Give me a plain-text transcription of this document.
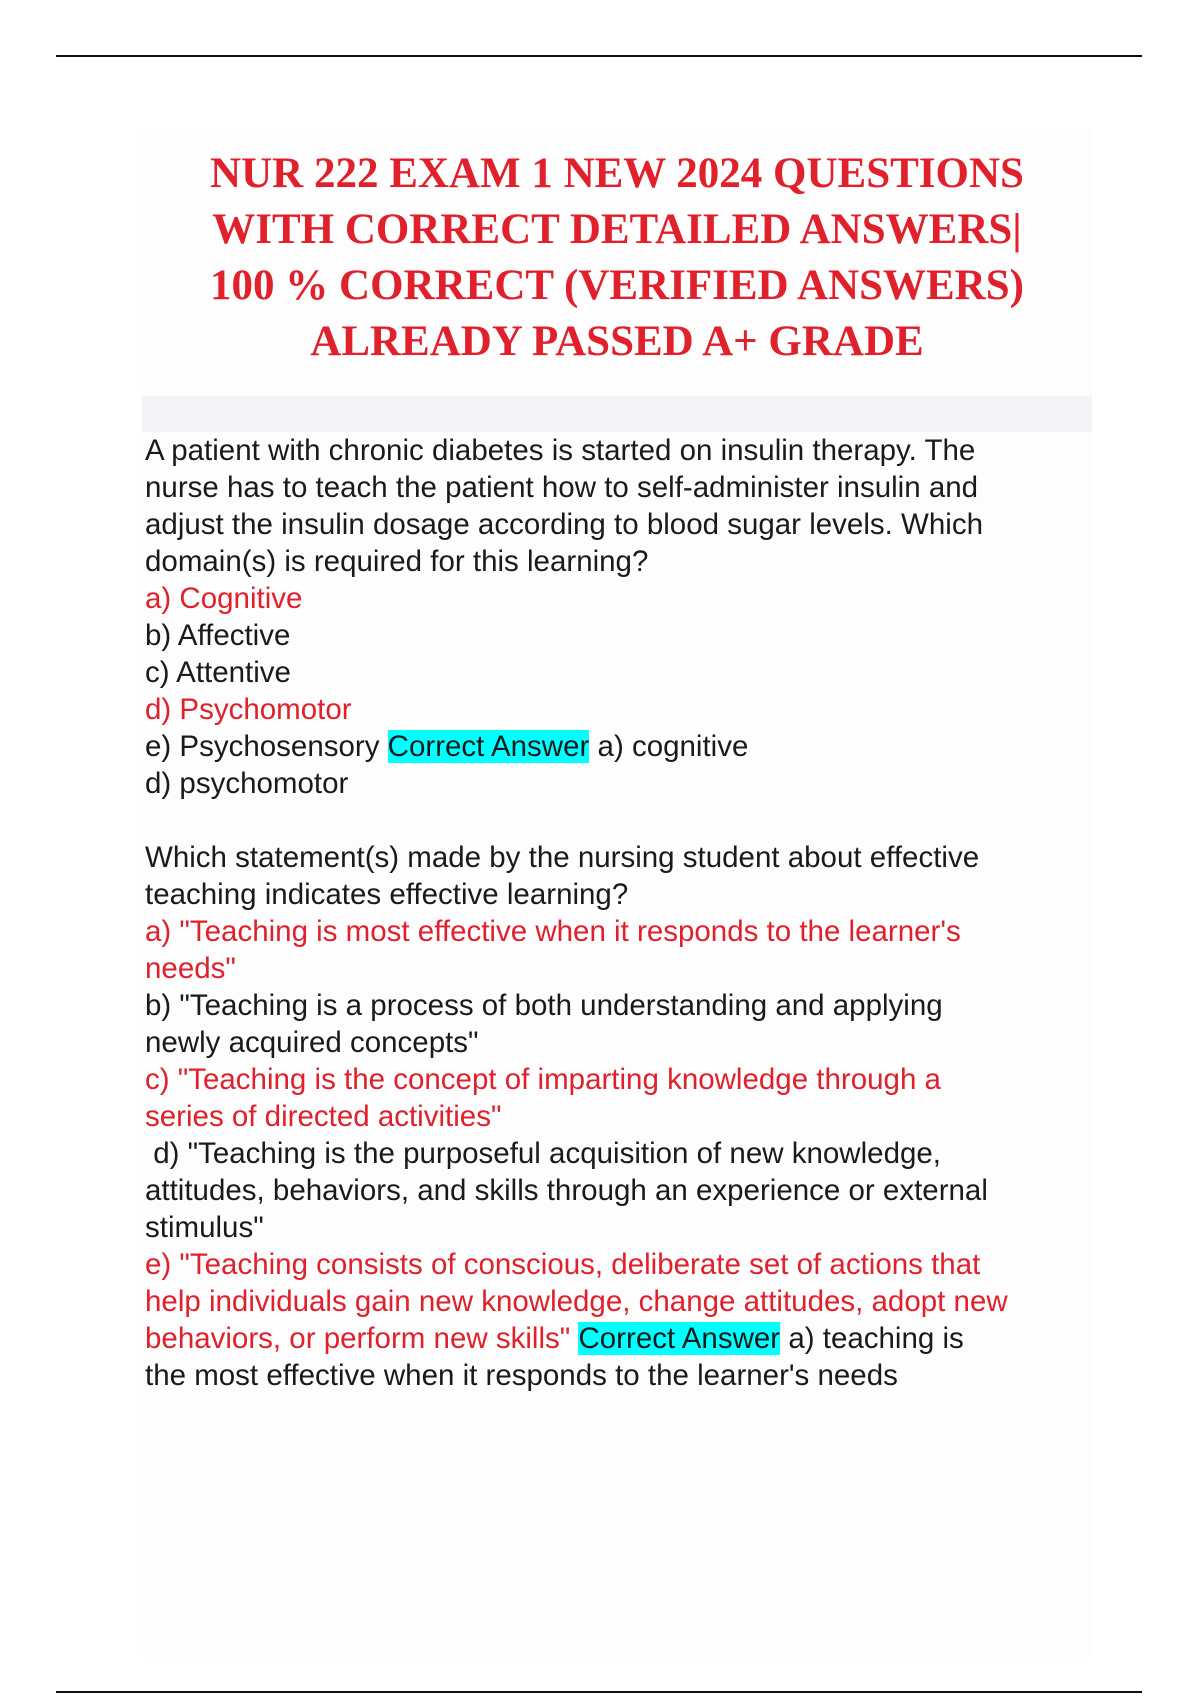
NUR 222 EXAM 1 NEW 2024 QUESTIONS
WITH CORRECT DETAILED ANSWERS|
100 % CORRECT (VERIFIED ANSWERS)
ALREADY PASSED A+ GRADE
A patient with chronic diabetes is started on insulin therapy. The
nurse has to teach the patient how to self-administer insulin and
adjust the insulin dosage according to blood sugar levels. Which
domain(s) is required for this learning?
a) Cognitive
b) Affective
c) Attentive
d) Psychomotor
e) Psychosensory Correct Answer a) cognitive
d) psychomotor
Which statement(s) made by the nursing student about effective
teaching indicates effective learning?
a) "Teaching is most effective when it responds to the learner's
needs"
b) "Teaching is a process of both understanding and applying
newly acquired concepts"
c) "Teaching is the concept of imparting knowledge through a
series of directed activities"
d) "Teaching is the purposeful acquisition of new knowledge,
attitudes, behaviors, and skills through an experience or external
stimulus"
e) "Teaching consists of conscious, deliberate set of actions that
help individuals gain new knowledge, change attitudes, adopt new
behaviors, or perform new skills" Correct Answer a) teaching is
the most effective when it responds to the learner's needs
